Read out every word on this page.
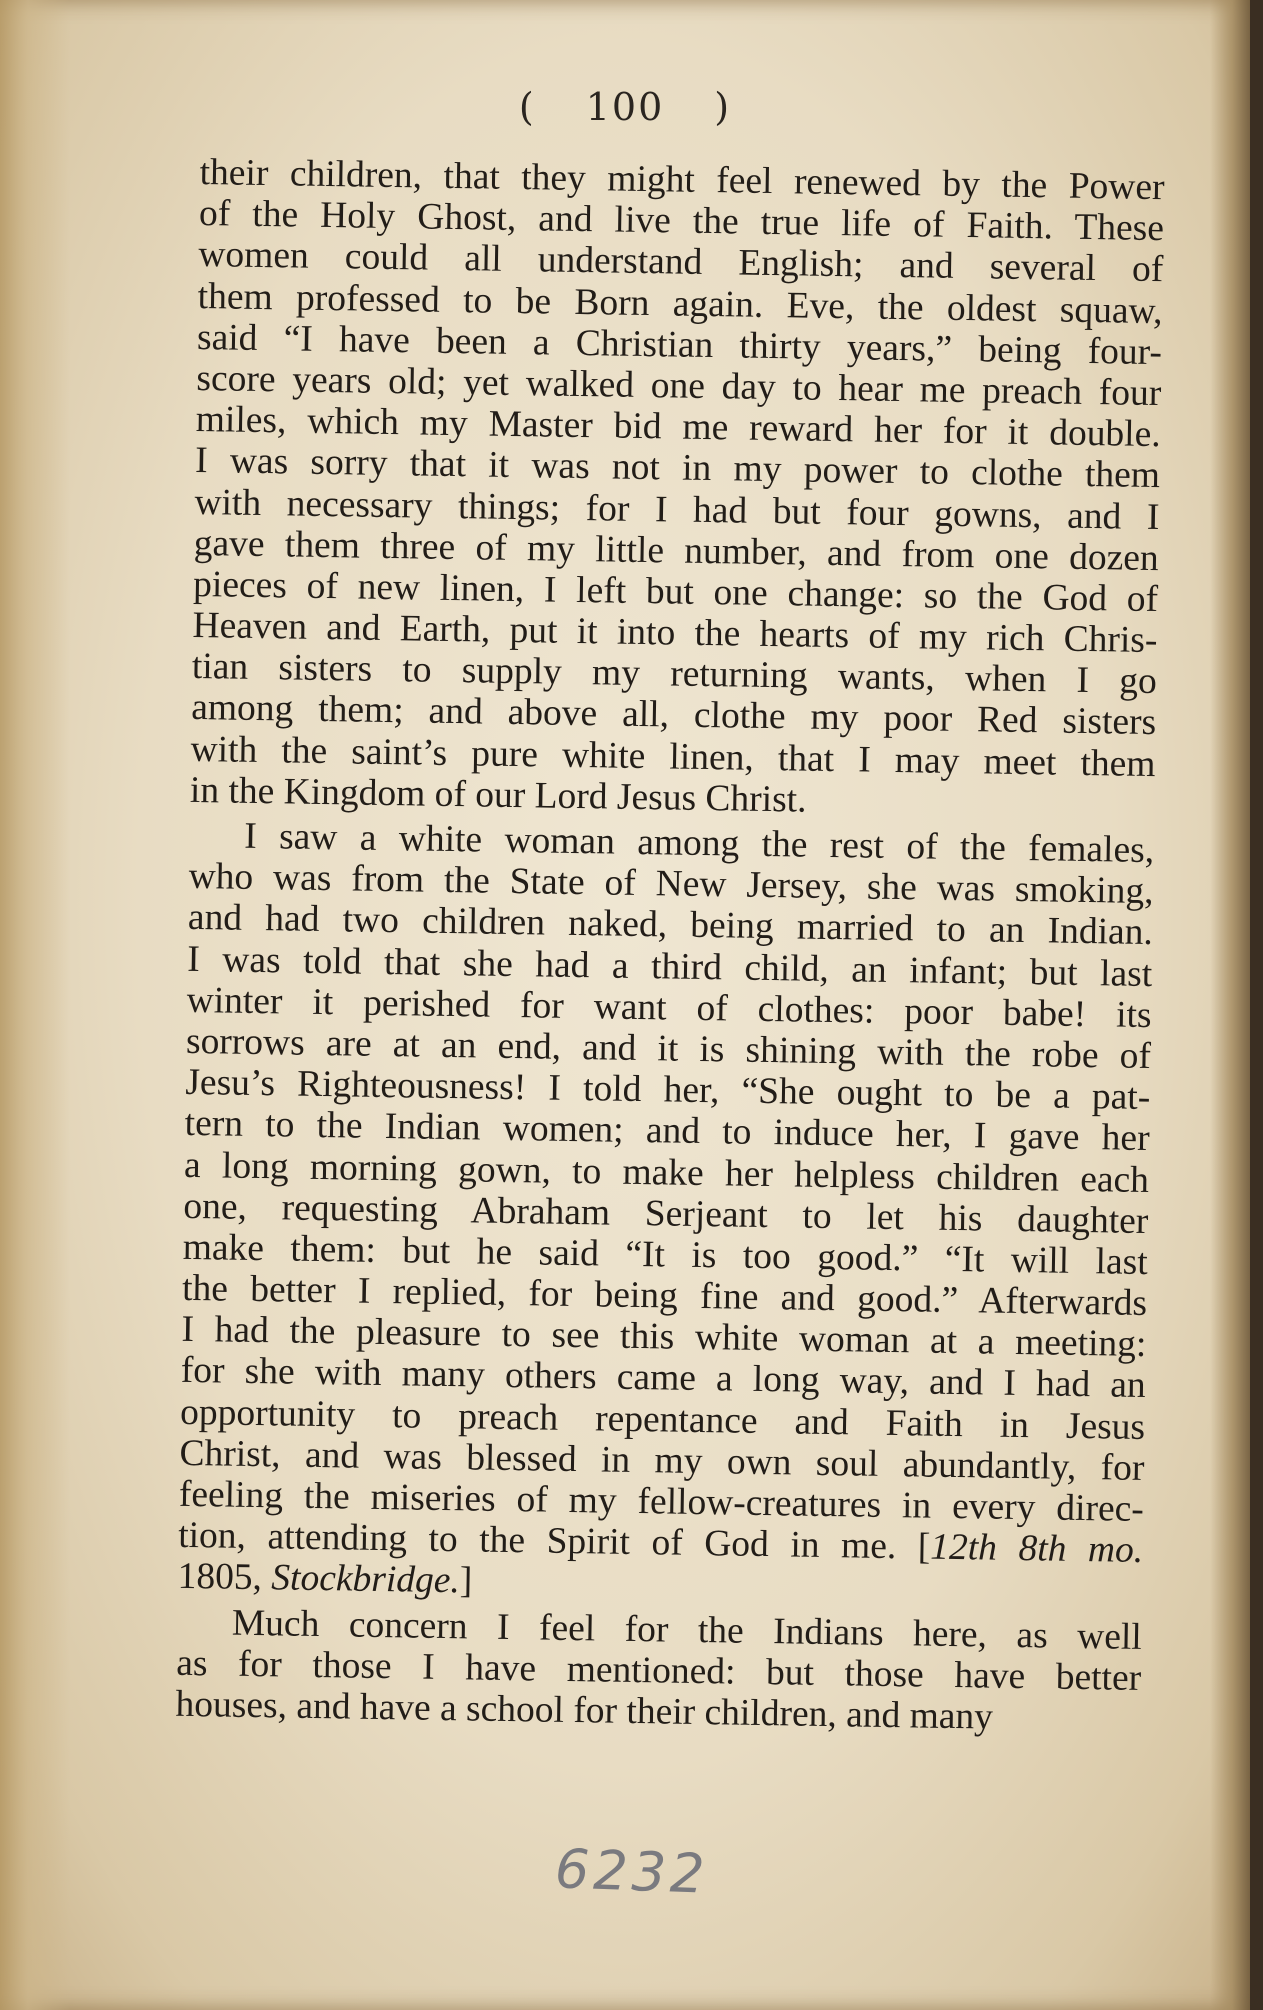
( 100 )
their children, that they might feel renewed by the Power
of the Holy Ghost, and live the true life of Faith. These
women could all understand English; and several of
them professed to be Born again. Eve, the oldest squaw,
said “I have been a Christian thirty years,” being four-
score years old; yet walked one day to hear me preach four
miles, which my Master bid me reward her for it double.
I was sorry that it was not in my power to clothe them
with necessary things; for I had but four gowns, and I
gave them three of my little number, and from one dozen
pieces of new linen, I left but one change: so the God of
Heaven and Earth, put it into the hearts of my rich Chris-
tian sisters to supply my returning wants, when I go
among them; and above all, clothe my poor Red sisters
with the saint’s pure white linen, that I may meet them
in the Kingdom of our Lord Jesus Christ.
I saw a white woman among the rest of the females,
who was from the State of New Jersey, she was smoking,
and had two children naked, being married to an Indian.
I was told that she had a third child, an infant; but last
winter it perished for want of clothes: poor babe! its
sorrows are at an end, and it is shining with the robe of
Jesu’s Righteousness! I told her, “She ought to be a pat-
tern to the Indian women; and to induce her, I gave her
a long morning gown, to make her helpless children each
one, requesting Abraham Serjeant to let his daughter
make them: but he said “It is too good.” “It will last
the better I replied, for being fine and good.” Afterwards
I had the pleasure to see this white woman at a meeting:
for she with many others came a long way, and I had an
opportunity to preach repentance and Faith in Jesus
Christ, and was blessed in my own soul abundantly, for
feeling the miseries of my fellow-creatures in every direc-
tion, attending to the Spirit of God in me. [12th 8th mo.
1805, Stockbridge.]
Much concern I feel for the Indians here, as well
as for those I have mentioned: but those have better
houses, and have a school for their children, and many
6232
